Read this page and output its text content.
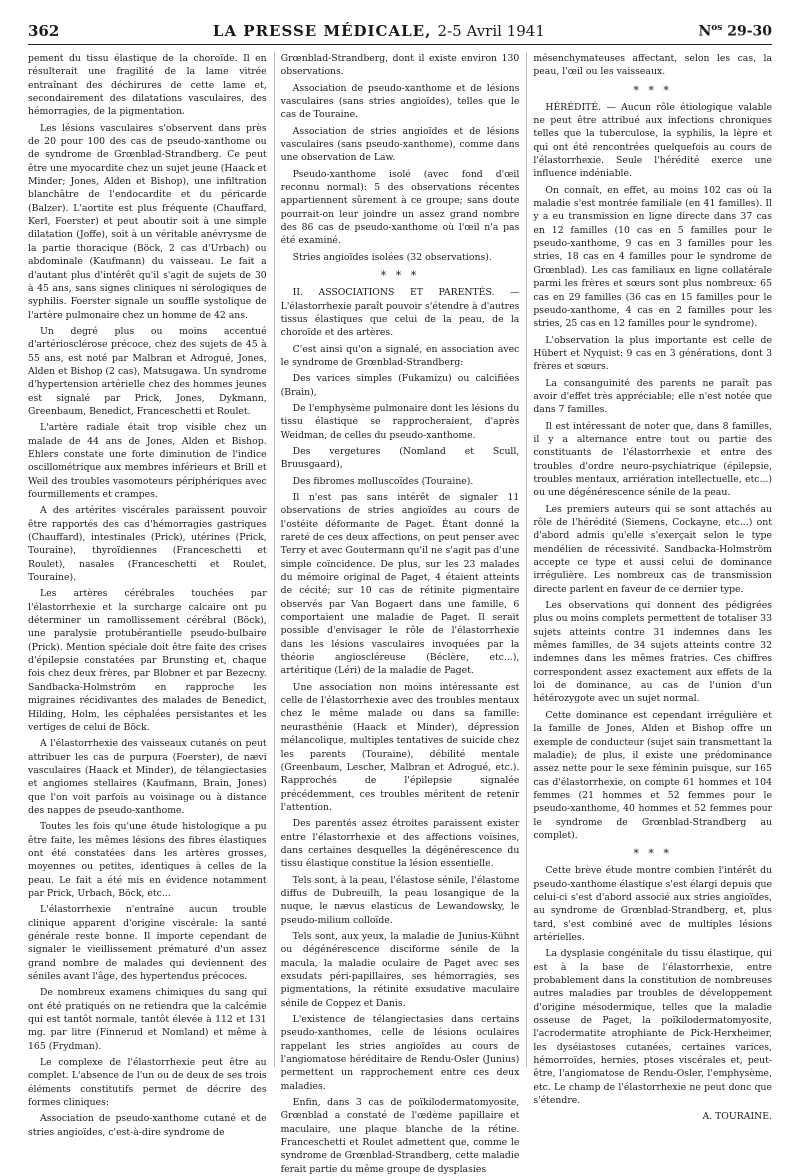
362	LA PRESSE MÉDICALE, 2-5 Avril 1941	$N^{os}$ 29-30

pement du tissu élastique de la choroïde. Il en résulterait une fragilité de la lame vitrée entraînant des déchirures de cette lame et, secondairement des dilatations vasculaires, des hémorragies, de la pigmentation.

Les lésions vasculaires s'observent dans près de 20 pour 100 des cas de pseudo-xanthome ou de syndrome de Grœnblad-Strandberg. Ce peut être une myocardite chez un sujet jeune (Haack et Minder; Jones, Alden et Bishop), une infiltration blanchâtre de l'endocardite et du péricarde (Balzer). L'aortite est plus fréquente (Chauffard, Kerl, Foerster) et peut aboutir soit à une simple dilatation (Joffe), soit à un véritable anévrysme de la partie thoracique (Böck, 2 cas d'Urbach) ou abdominale (Kaufmann) du vaisseau. Le fait a d'autant plus d'intérêt qu'il s'agit de sujets de 30 à 45 ans, sans signes cliniques ni sérologiques de syphilis. Foerster signale un souffle systolique de l'artère pulmonaire chez un homme de 42 ans.

Un degré plus ou moins accentué d'artériosclérose précoce, chez des sujets de 45 à 55 ans, est noté par Malbran et Adrogué, Jones, Alden et Bishop (2 cas), Matsugawa. Un syndrome d'hypertension artérielle chez des hommes jeunes est signalé par Prick, Jones, Dykmann, Greenbaum, Benedict, Franceschetti et Roulet.

L'artère radiale était trop visible chez un malade de 44 ans de Jones, Alden et Bishop. Ehlers constate une forte diminution de l'indice oscillométrique aux membres inférieurs et Brill et Weil des troubles vasomoteurs périphériques avec fourmillements et crampes.

A des artérites viscérales paraissent pouvoir être rapportés des cas d'hémorragies gastriques (Chauffard), intestinales (Prick), utérines (Prick, Touraine), thyroïdiennes (Franceschetti et Roulet), nasales (Franceschetti et Roulet, Touraine).

Les artères cérébrales touchées par l'élastorrhexie et la surcharge calcaire ont pu déterminer un ramollissement cérébral (Böck), une paralysie protubérantielle pseudo-bulbaire (Prick). Mention spéciale doit être faite des crises d'épilepsie constatées par Brunsting et, chaque fois chez deux frères, par Blobner et par Bezecny. Sandbacka-Holmström en rapproche les migraines récidivantes des malades de Benedict, Hilding, Holm, les céphalées persistantes et les vertiges de celui de Böck.

A l'élastorrhexie des vaisseaux cutanés on peut attribuer les cas de purpura (Foerster), de nævi vasculaires (Haack et Minder), de télangiectasies et angiomes stellaires (Kaufmann, Brain, Jones) que l'on voit parfois au voisinage ou à distance des nappes de pseudo-xanthome.

Toutes les fois qu'une étude histologique a pu être faite, les mêmes lésions des fibres élastiques ont été constatées dans les artères grosses, moyennes ou petites, identiques à celles de la peau. Le fait a été mis en évidence notamment par Prick, Urbach, Böck, etc...

L'élastorrhexie n'entraîne aucun trouble clinique apparent d'origine viscérale: la santé générale reste bonne. Il importe cependant de signaler le vieillissement prématuré d'un assez grand nombre de malades qui deviennent des séniles avant l'âge, des hypertendus précoces.

De nombreux examens chimiques du sang qui ont été pratiqués on ne retiendra que la calcémie qui est tantôt normale, tantôt élevée à 112 et 131 mg. par litre (Finnerud et Nomland) et même à 165 (Frydman).

Le complexe de l'élastorrhexie peut être au complet. L'absence de l'un ou de deux de ses trois éléments constitutifs permet de décrire des formes cliniques:

Association de pseudo-xanthome cutané et de stries angioïdes, c'est-à-dire syndrome de

Grœnblad-Strandberg, dont il existe environ 130 observations.

Association de pseudo-xanthome et de lésions vasculaires (sans stries angioïdes), telles que le cas de Touraine.

Association de stries angioïdes et de lésions vasculaires (sans pseudo-xanthome), comme dans une observation de Law.

Pseudo-xanthome isolé (avec fond d'œil reconnu normal): 5 des observations récentes appartiennent sûrement à ce groupe; sans doute pourrait-on leur joindre un assez grand nombre des 86 cas de pseudo-xanthome où l'œil n'a pas été examiné.

Stries angioïdes isolées (32 observations).

* * *

II. ASSOCIATIONS ET PARENTÉS. — L'élastorrhexie paraît pouvoir s'étendre à d'autres tissus élastiques que celui de la peau, de la choroïde et des artères.

C'est ainsi qu'on a signalé, en association avec le syndrome de Grœnblad-Strandberg:

Des varices simples (Fukamizu) ou calcifiées (Brain),

De l'emphysème pulmonaire dont les lésions du tissu élastique se rapprocheraient, d'après Weidman, de celles du pseudo-xanthome.

Des vergetures (Nomland et Scull, Bruusgaard),

Des fibromes molluscoïdes (Touraine).

Il n'est pas sans intérêt de signaler 11 observations de stries angioïdes au cours de l'ostéite déformante de Paget. Étant donné la rareté de ces deux affections, on peut penser avec Terry et avec Goutermann qu'il ne s'agit pas d'une simple coïncidence. De plus, sur les 23 malades du mémoire original de Paget, 4 étaient atteints de cécité; sur 10 cas de rétinite pigmentaire observés par Van Bogaert dans une famille, 6 comportaient une maladie de Paget. Il serait possible d'envisager le rôle de l'élastorrhexie dans les lésions vasculaires invoquées par la théorie angioscléreuse (Béclère, etc...), artéritique (Léri) de la maladie de Paget.

Une association non moins intéressante est celle de l'élastorrhexie avec des troubles mentaux chez le même malade ou dans sa famille: neurasthénie (Haack et Minder), dépression mélancolique, multiples tentatives de suicide chez les parents (Touraine), débilité mentale (Greenbaum, Lescher, Malbran et Adrogué, etc.). Rapprochés de l'épilepsie signalée précédemment, ces troubles méritent de retenir l'attention.

Des parentés assez étroites paraissent exister entre l'élastorrhexie et des affections voisines, dans certaines desquelles la dégénérescence du tissu élastique constitue la lésion essentielle.

Tels sont, à la peau, l'élastose sénile, l'élastome diffus de Dubreuilh, la peau losangique de la nuque, le nævus elasticus de Lewandowsky, le pseudo-milium colloïde.

Tels sont, aux yeux, la maladie de Junius-Kühnt ou dégénérescence disciforme sénile de la macula, la maladie oculaire de Paget avec ses exsudats péri-papillaires, ses hémorragies, ses pigmentations, la rétinite exsudative maculaire sénile de Coppez et Danis.

L'existence de télangiectasies dans certains pseudo-xanthomes, celle de lésions oculaires rappelant les stries angioïdes au cours de l'angiomatose héréditaire de Rendu-Osler (Junius) permettent un rapprochement entre ces deux maladies.

Enfin, dans 3 cas de poïkilodermatomyosite, Grœnblad a constaté de l'œdème papillaire et maculaire, une plaque blanche de la rétine. Franceschetti et Roulet admettent que, comme le syndrome de Grœnblad-Strandberg, cette maladie ferait partie du même groupe de dysplasies

mésenchymateuses affectant, selon les cas, la peau, l'œil ou les vaisseaux.

* * *

HÉRÉDITÉ. — Aucun rôle étiologique valable ne peut être attribué aux infections chroniques telles que la tuberculose, la syphilis, la lèpre et qui ont été rencontrées quelquefois au cours de l'élastorrhexie. Seule l'hérédité exerce une influence indéniable.

On connaît, en effet, au moins 102 cas où la maladie s'est montrée familiale (en 41 familles). Il y a eu transmission en ligne directe dans 37 cas en 12 familles (10 cas en 5 familles pour le pseudo-xanthome, 9 cas en 3 familles pour les stries, 18 cas en 4 familles pour le syndrome de Grœnblad). Les cas familiaux en ligne collatérale parmi les frères et sœurs sont plus nombreux: 65 cas en 29 familles (36 cas en 15 familles pour le pseudo-xanthome, 4 cas en 2 familles pour les stries, 25 cas en 12 familles pour le syndrome).

L'observation la plus importante est celle de Hübert et Nyquist: 9 cas en 3 générations, dont 3 frères et sœurs.

La consanguinité des parents ne paraît pas avoir d'effet très appréciable; elle n'est notée que dans 7 familles.

Il est intéressant de noter que, dans 8 familles, il y a alternance entre tout ou partie des constituants de l'élastorrhexie et entre des troubles d'ordre neuro-psychiatrique (épilepsie, troubles mentaux, arriération intellectuelle, etc...) ou une dégénérescence sénile de la peau.

Les premiers auteurs qui se sont attachés au rôle de l'hérédité (Siemens, Cockayne, etc...) ont d'abord admis qu'elle s'exerçait selon le type mendélien de récessivité. Sandbacka-Holmström accepte ce type et aussi celui de dominance irrégulière. Les nombreux cas de transmission directe parlent en faveur de ce dernier type.

Les observations qui donnent des pédigrées plus ou moins complets permettent de totaliser 33 sujets atteints contre 31 indemnes dans les mêmes familles, de 34 sujets atteints contre 32 indemnes dans les mêmes fratries. Ces chiffres correspondent assez exactement aux effets de la loi de dominance, au cas de l'union d'un hétérozygote avec un sujet normal.

Cette dominance est cependant irrégulière et la famille de Jones, Alden et Bishop offre un exemple de conducteur (sujet sain transmettant la maladie); de plus, il existe une prédominance assez nette pour le sexe féminin puisque, sur 165 cas d'élastorrhexie, on compte 61 hommes et 104 femmes (21 hommes et 52 femmes pour le pseudo-xanthome, 40 hommes et 52 femmes pour le syndrome de Grœnblad-Strandberg au complet).

* * *

Cette brève étude montre combien l'intérêt du pseudo-xanthome élastique s'est élargi depuis que celui-ci s'est d'abord associé aux stries angioïdes, au syndrome de Grœnblad-Strandberg, et, plus tard, s'est combiné avec de multiples lésions artérielles.

La dysplasie congénitale du tissu élastique, qui est à la base de l'élastorrhexie, entre probablement dans la constitution de nombreuses autres maladies par troubles de développement d'origine mésodermique, telles que la maladie osseuse de Paget, la poïkilodermatomyosite, l'acrodermatite atrophiante de Pick-Herxheimer, les dyséiastoses cutanées, certaines varices, hémorroïdes, hernies, ptoses viscérales et, peut-être, l'angiomatose de Rendu-Osler, l'emphysème, etc. Le champ de l'élastorrhexie ne peut donc que s'étendre.

A. TOURAINE.
